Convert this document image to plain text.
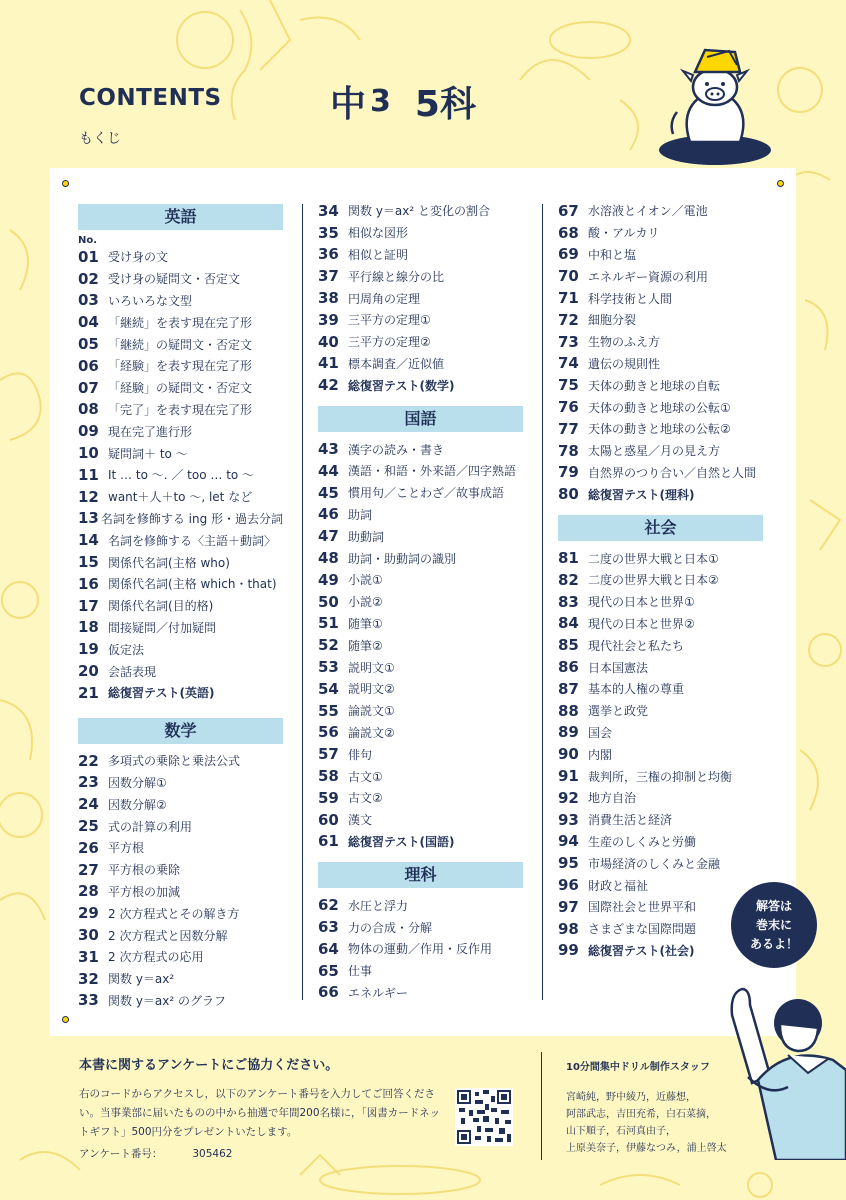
CONTENTS
もくじ
中 3 5科
英語
No.
01 受け身の文
02 受け身の疑問文・否定文
03 いろいろな文型
04 「継続」を表す現在完了形
05 「継続」の疑問文・否定文
06 「経験」を表す現在完了形
07 「経験」の疑問文・否定文
08 「完了」を表す現在完了形
09 現在完了進行形
10 疑問詞＋ to ～
11 It … to ～. ／ too … to ～
12 want＋人＋to ～, let など
13 名詞を修飾する ing 形・過去分詞
14 名詞を修飾する〈主語＋動詞〉
15 関係代名詞(主格 who)
16 関係代名詞(主格 which・that)
17 関係代名詞(目的格)
18 間接疑問／付加疑問
19 仮定法
20 会話表現
21 総復習テスト(英語)
数学
22 多項式の乗除と乗法公式
23 因数分解①
24 因数分解②
25 式の計算の利用
26 平方根
27 平方根の乗除
28 平方根の加減
29 2 次方程式とその解き方
30 2 次方程式と因数分解
31 2 次方程式の応用
32 関数 y＝ax²
33 関数 y＝ax² のグラフ
34 関数 y＝ax² と変化の割合
35 相似な図形
36 相似と証明
37 平行線と線分の比
38 円周角の定理
39 三平方の定理①
40 三平方の定理②
41 標本調査／近似値
42 総復習テスト(数学)
国語
43 漢字の読み・書き
44 漢語・和語・外来語／四字熟語
45 慣用句／ことわざ／故事成語
46 助詞
47 助動詞
48 助詞・助動詞の識別
49 小説①
50 小説②
51 随筆①
52 随筆②
53 説明文①
54 説明文②
55 論説文①
56 論説文②
57 俳句
58 古文①
59 古文②
60 漢文
61 総復習テスト(国語)
理科
62 水圧と浮力
63 力の合成・分解
64 物体の運動／作用・反作用
65 仕事
66 エネルギー
67 水溶液とイオン／電池
68 酸・アルカリ
69 中和と塩
70 エネルギー資源の利用
71 科学技術と人間
72 細胞分裂
73 生物のふえ方
74 遺伝の規則性
75 天体の動きと地球の自転
76 天体の動きと地球の公転①
77 天体の動きと地球の公転②
78 太陽と惑星／月の見え方
79 自然界のつり合い／自然と人間
80 総復習テスト(理科)
社会
81 二度の世界大戦と日本①
82 二度の世界大戦と日本②
83 現代の日本と世界①
84 現代の日本と世界②
85 現代社会と私たち
86 日本国憲法
87 基本的人権の尊重
88 選挙と政党
89 国会
90 内閣
91 裁判所，三権の抑制と均衡
92 地方自治
93 消費生活と経済
94 生産のしくみと労働
95 市場経済のしくみと金融
96 財政と福祉
97 国際社会と世界平和
98 さまざまな国際問題
99 総復習テスト(社会)
解答は
巻末に
あるよ！
本書に関するアンケートにご協力ください。
右のコードからアクセスし，以下のアンケート番号を入力してご回答ください。当事業部に届いたものの中から抽選で年間200名様に，「図書カードネットギフト」500円分をプレゼントいたします。
アンケート番号：	305462
10分間集中ドリル制作スタッフ
宮崎純，野中綾乃，近藤想，
阿部武志，吉田充希，白石菜摘，
山下順子，石河真由子，
上原美奈子，伊藤なつみ，浦上啓太
